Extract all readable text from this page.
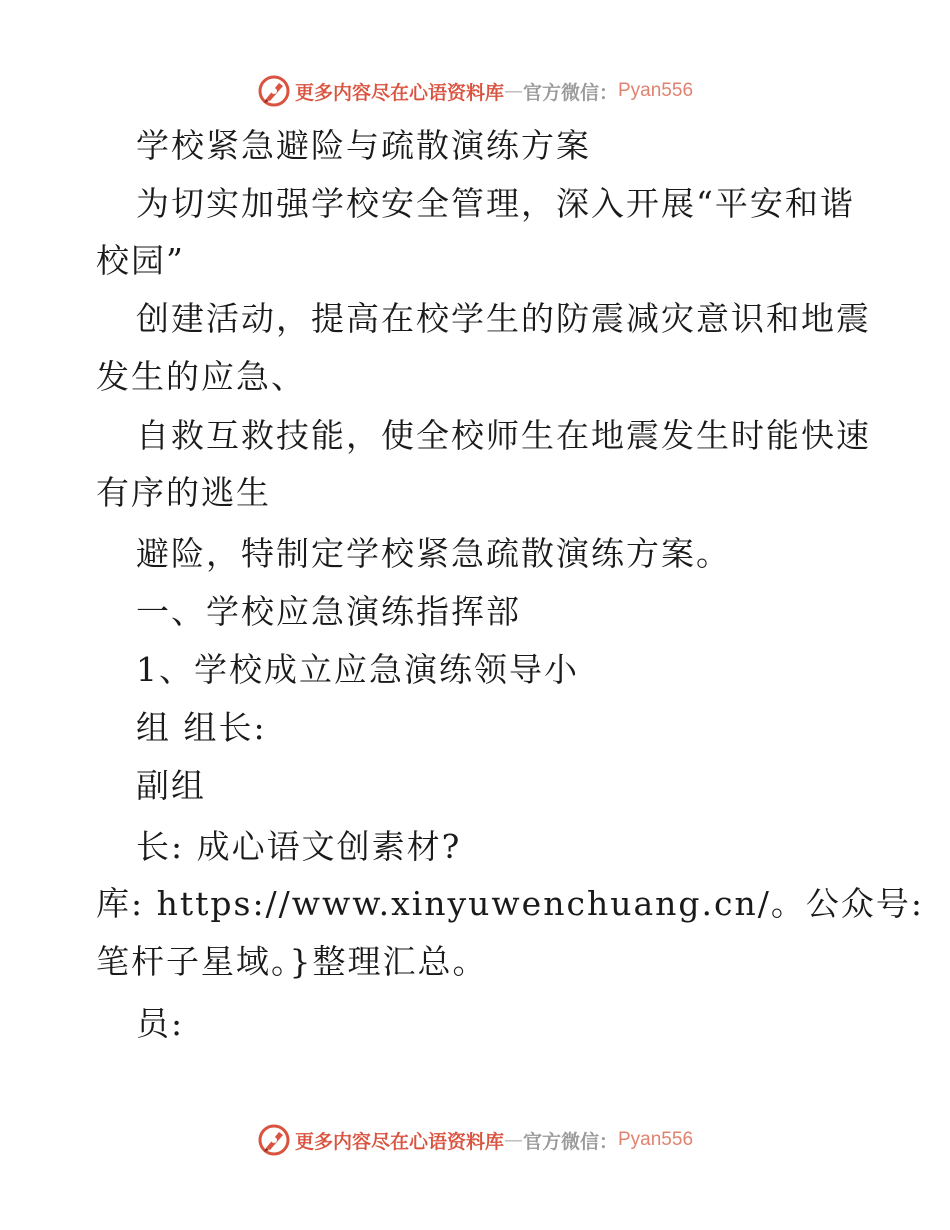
更多内容尽在心语资料库 — 官方微信： Pyan556
学校紧急避险与疏散演练方案
为切实加强学校安全管理，深入开展“平安和谐
校园”
创建活动，提高在校学生的防震减灾意识和地震
发生的应急、
自救互救技能，使全校师生在地震发生时能快速
有序的逃生
避险，特制定学校紧急疏散演练方案。
一、学校应急演练指挥部
1、学校成立应急演练领导小
组 组长:
副组
长: 成心语文创素材?
库: https://www.xinyuwenchuang.cn/。公众号:
笔杆子星域。}整理汇总。
员:
更多内容尽在心语资料库 — 官方微信： Pyan556
